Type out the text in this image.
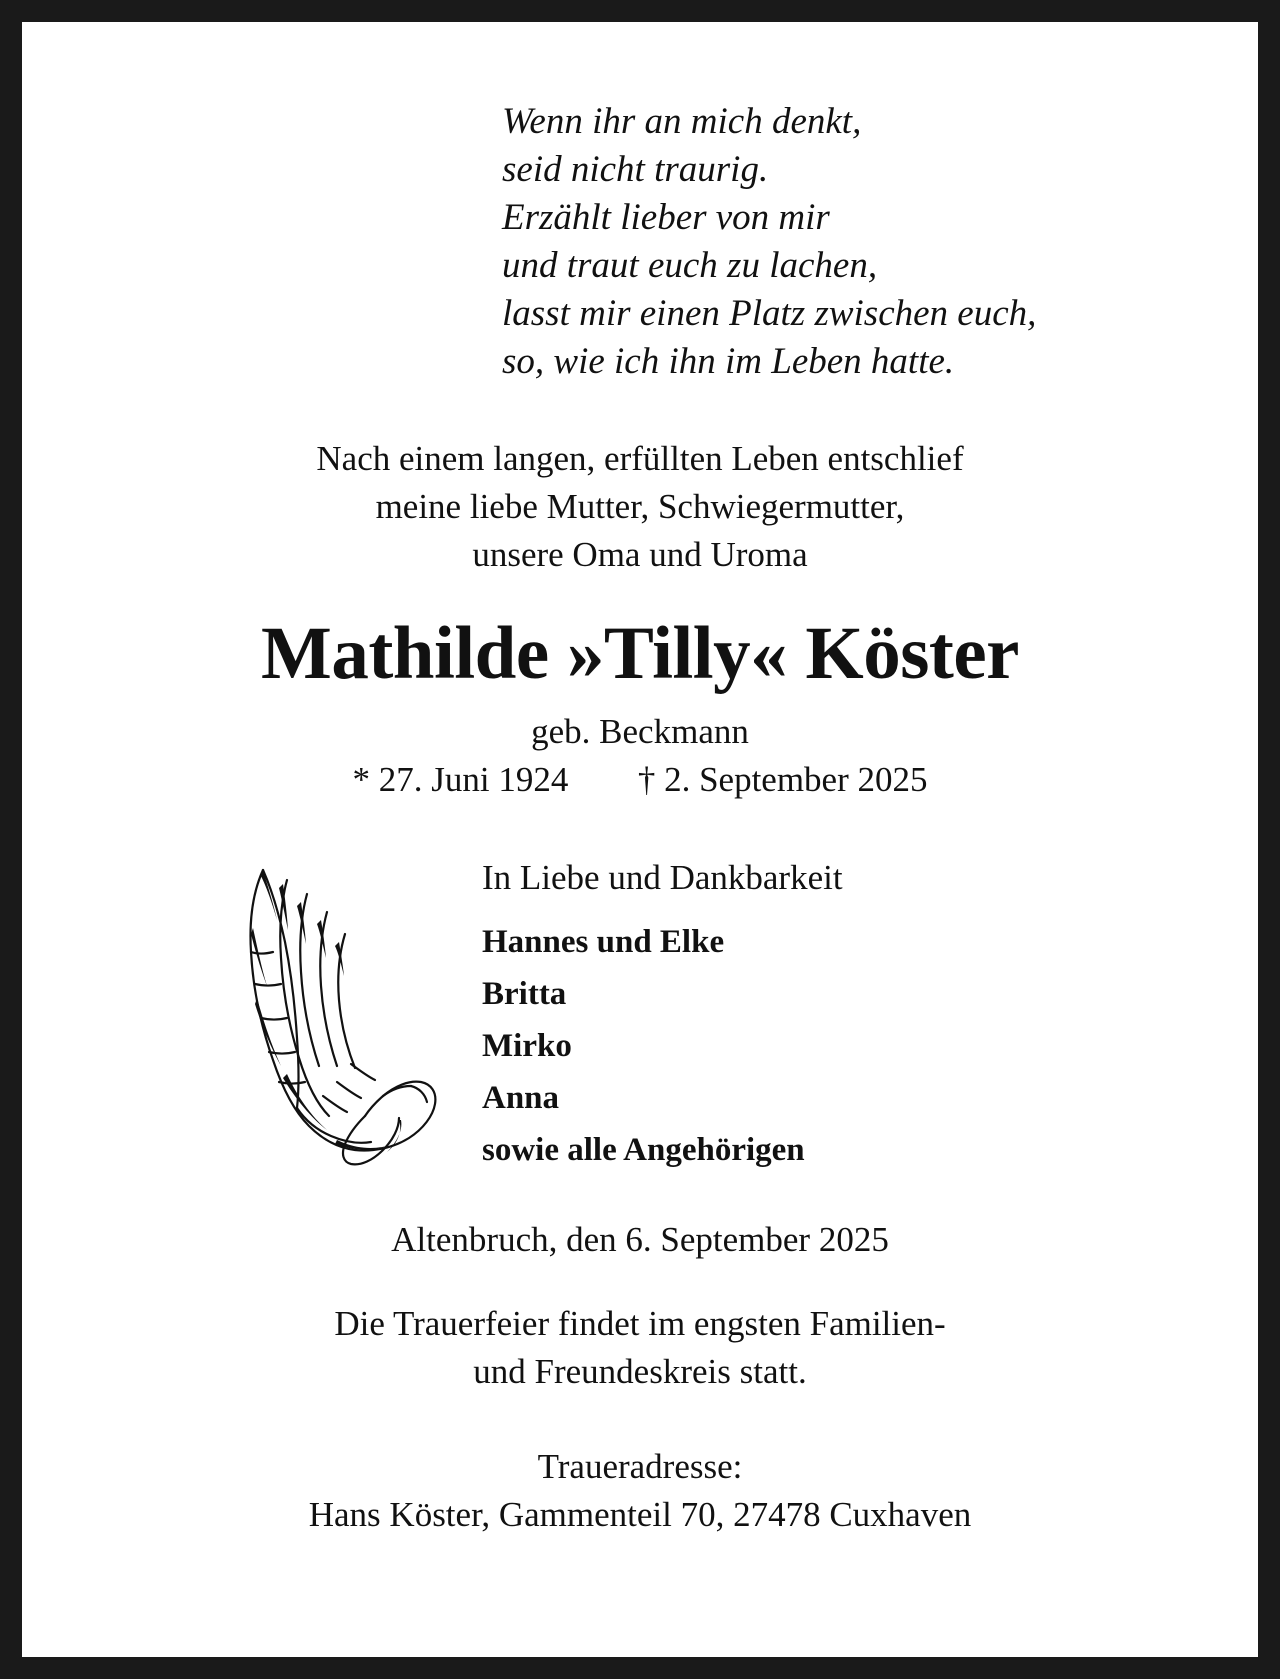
Wenn ihr an mich denkt,
seid nicht traurig.
Erzählt lieber von mir
und traut euch zu lachen,
lasst mir einen Platz zwischen euch,
so, wie ich ihn im Leben hatte.
Nach einem langen, erfüllten Leben entschlief
meine liebe Mutter, Schwiegermutter,
unsere Oma und Uroma
Mathilde »Tilly« Köster
geb. Beckmann
* 27. Juni 1924 † 2. September 2025
In Liebe und Dankbarkeit
Hannes und Elke
Britta
Mirko
Anna
sowie alle Angehörigen
Altenbruch, den 6. September 2025
Die Trauerfeier findet im engsten Familien-
und Freundeskreis statt.
Traueradresse:
Hans Köster, Gammenteil 70, 27478 Cuxhaven
